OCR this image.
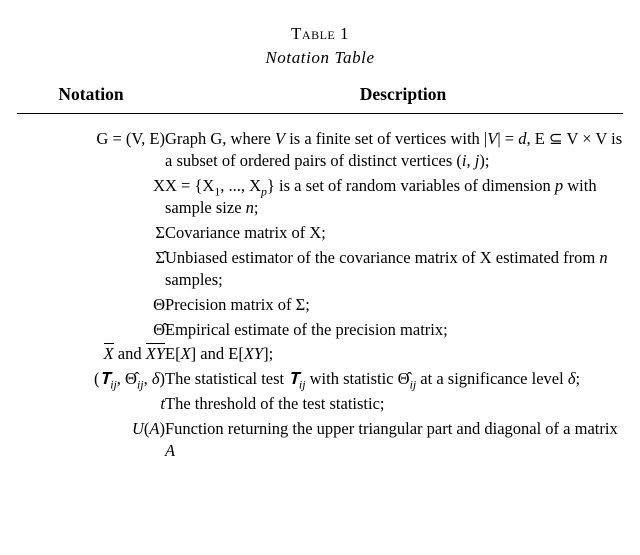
Table 1
Notation Table
Notation	Description
G = (V, E)	Graph G, where V is a finite set of vertices with |V| = d, E ⊆ V × V is a subset of ordered pairs of distinct vertices (i, j);
X	$X = \{X_1$, ..., $X_p$} is a set of random variables of dimension p with sample size n;
Σ	Covariance matrix of X;
Σ̂	Unbiased estimator of the covariance matrix of X estimated from n samples;
Θ	Precision matrix of Σ;
Θ̂	Empirical estimate of the precision matrix;
X and XY	E[X] and E[XY];
(𝐓$_{ij}$, $\Thetâ_{ij}$, δ)	The statistical test 𝐓$_{ij}$ with statistic $\Thetâ_{ij}$ at a significance level δ;
t	The threshold of the test statistic;
U(A)	Function returning the upper triangular part and diagonal of a matrix A
